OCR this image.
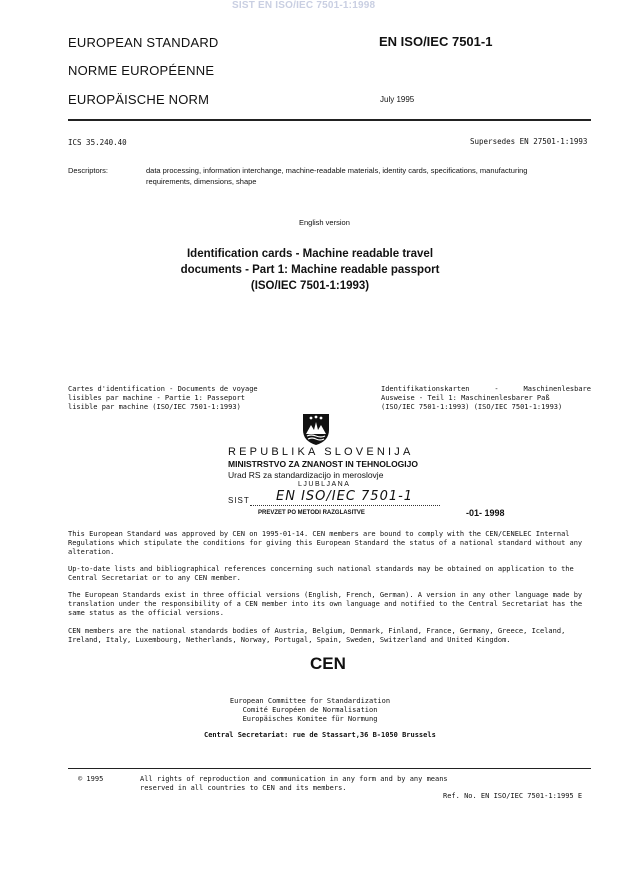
SIST EN ISO/IEC 7501-1:1998
EUROPEAN STANDARD
NORME EUROPÉENNE
EUROPÄISCHE NORM
EN ISO/IEC 7501-1
July 1995
ICS 35.240.40	Supersedes EN 27501-1:1993
Descriptors:	data processing, information interchange, machine-readable materials, identity cards, specifications, manufacturing
requirements, dimensions, shape
English version
Identification cards - Machine readable travel
documents - Part 1: Machine readable passport
(ISO/IEC 7501-1:1993)
Cartes d'identification - Documents de voyage
lisibles par machine - Partie 1: Passeport
lisible par machine (ISO/IEC 7501-1:1993)
Identifikationskarten	-	Maschinenlesbare
Ausweise - Teil 1: Maschinenlesbarer Paß
(ISO/IEC 7501-1:1993) (ISO/IEC 7501-1:1993)
REPUBLIKA SLOVENIJA
MINISTRSTVO ZA ZNANOST IN TEHNOLOGIJO
Urad RS za standardizacijo in meroslovje
LJUBLJANA
SIST EN ISO/IEC 7501-1
PREVZET PO METODI RAZGLASITVE	-01- 1998
This European Standard was approved by CEN on 1995-01-14. CEN members are bound to comply with the CEN/CENELEC Internal Regulations which stipulate the conditions for giving this European Standard the status of a national standard without any alteration.
Up-to-date lists and bibliographical references concerning such national standards may be obtained on application to the Central Secretariat or to any CEN member.
The European Standards exist in three official versions (English, French, German). A version in any other language made by translation under the responsibility of a CEN member into its own language and notified to the Central Secretariat has the same status as the official versions.
CEN members are the national standards bodies of Austria, Belgium, Denmark, Finland, France, Germany, Greece, Iceland, Ireland, Italy, Luxembourg, Netherlands, Norway, Portugal, Spain, Sweden, Switzerland and United Kingdom.
CEN
European Committee for Standardization
Comité Européen de Normalisation
Europäisches Komitee für Normung
Central Secretariat: rue de Stassart,36 B-1050 Brussels
© 1995	All rights of reproduction and communication in any form and by any means
reserved in all countries to CEN and its members.
Ref. No. EN ISO/IEC 7501-1:1995 E
